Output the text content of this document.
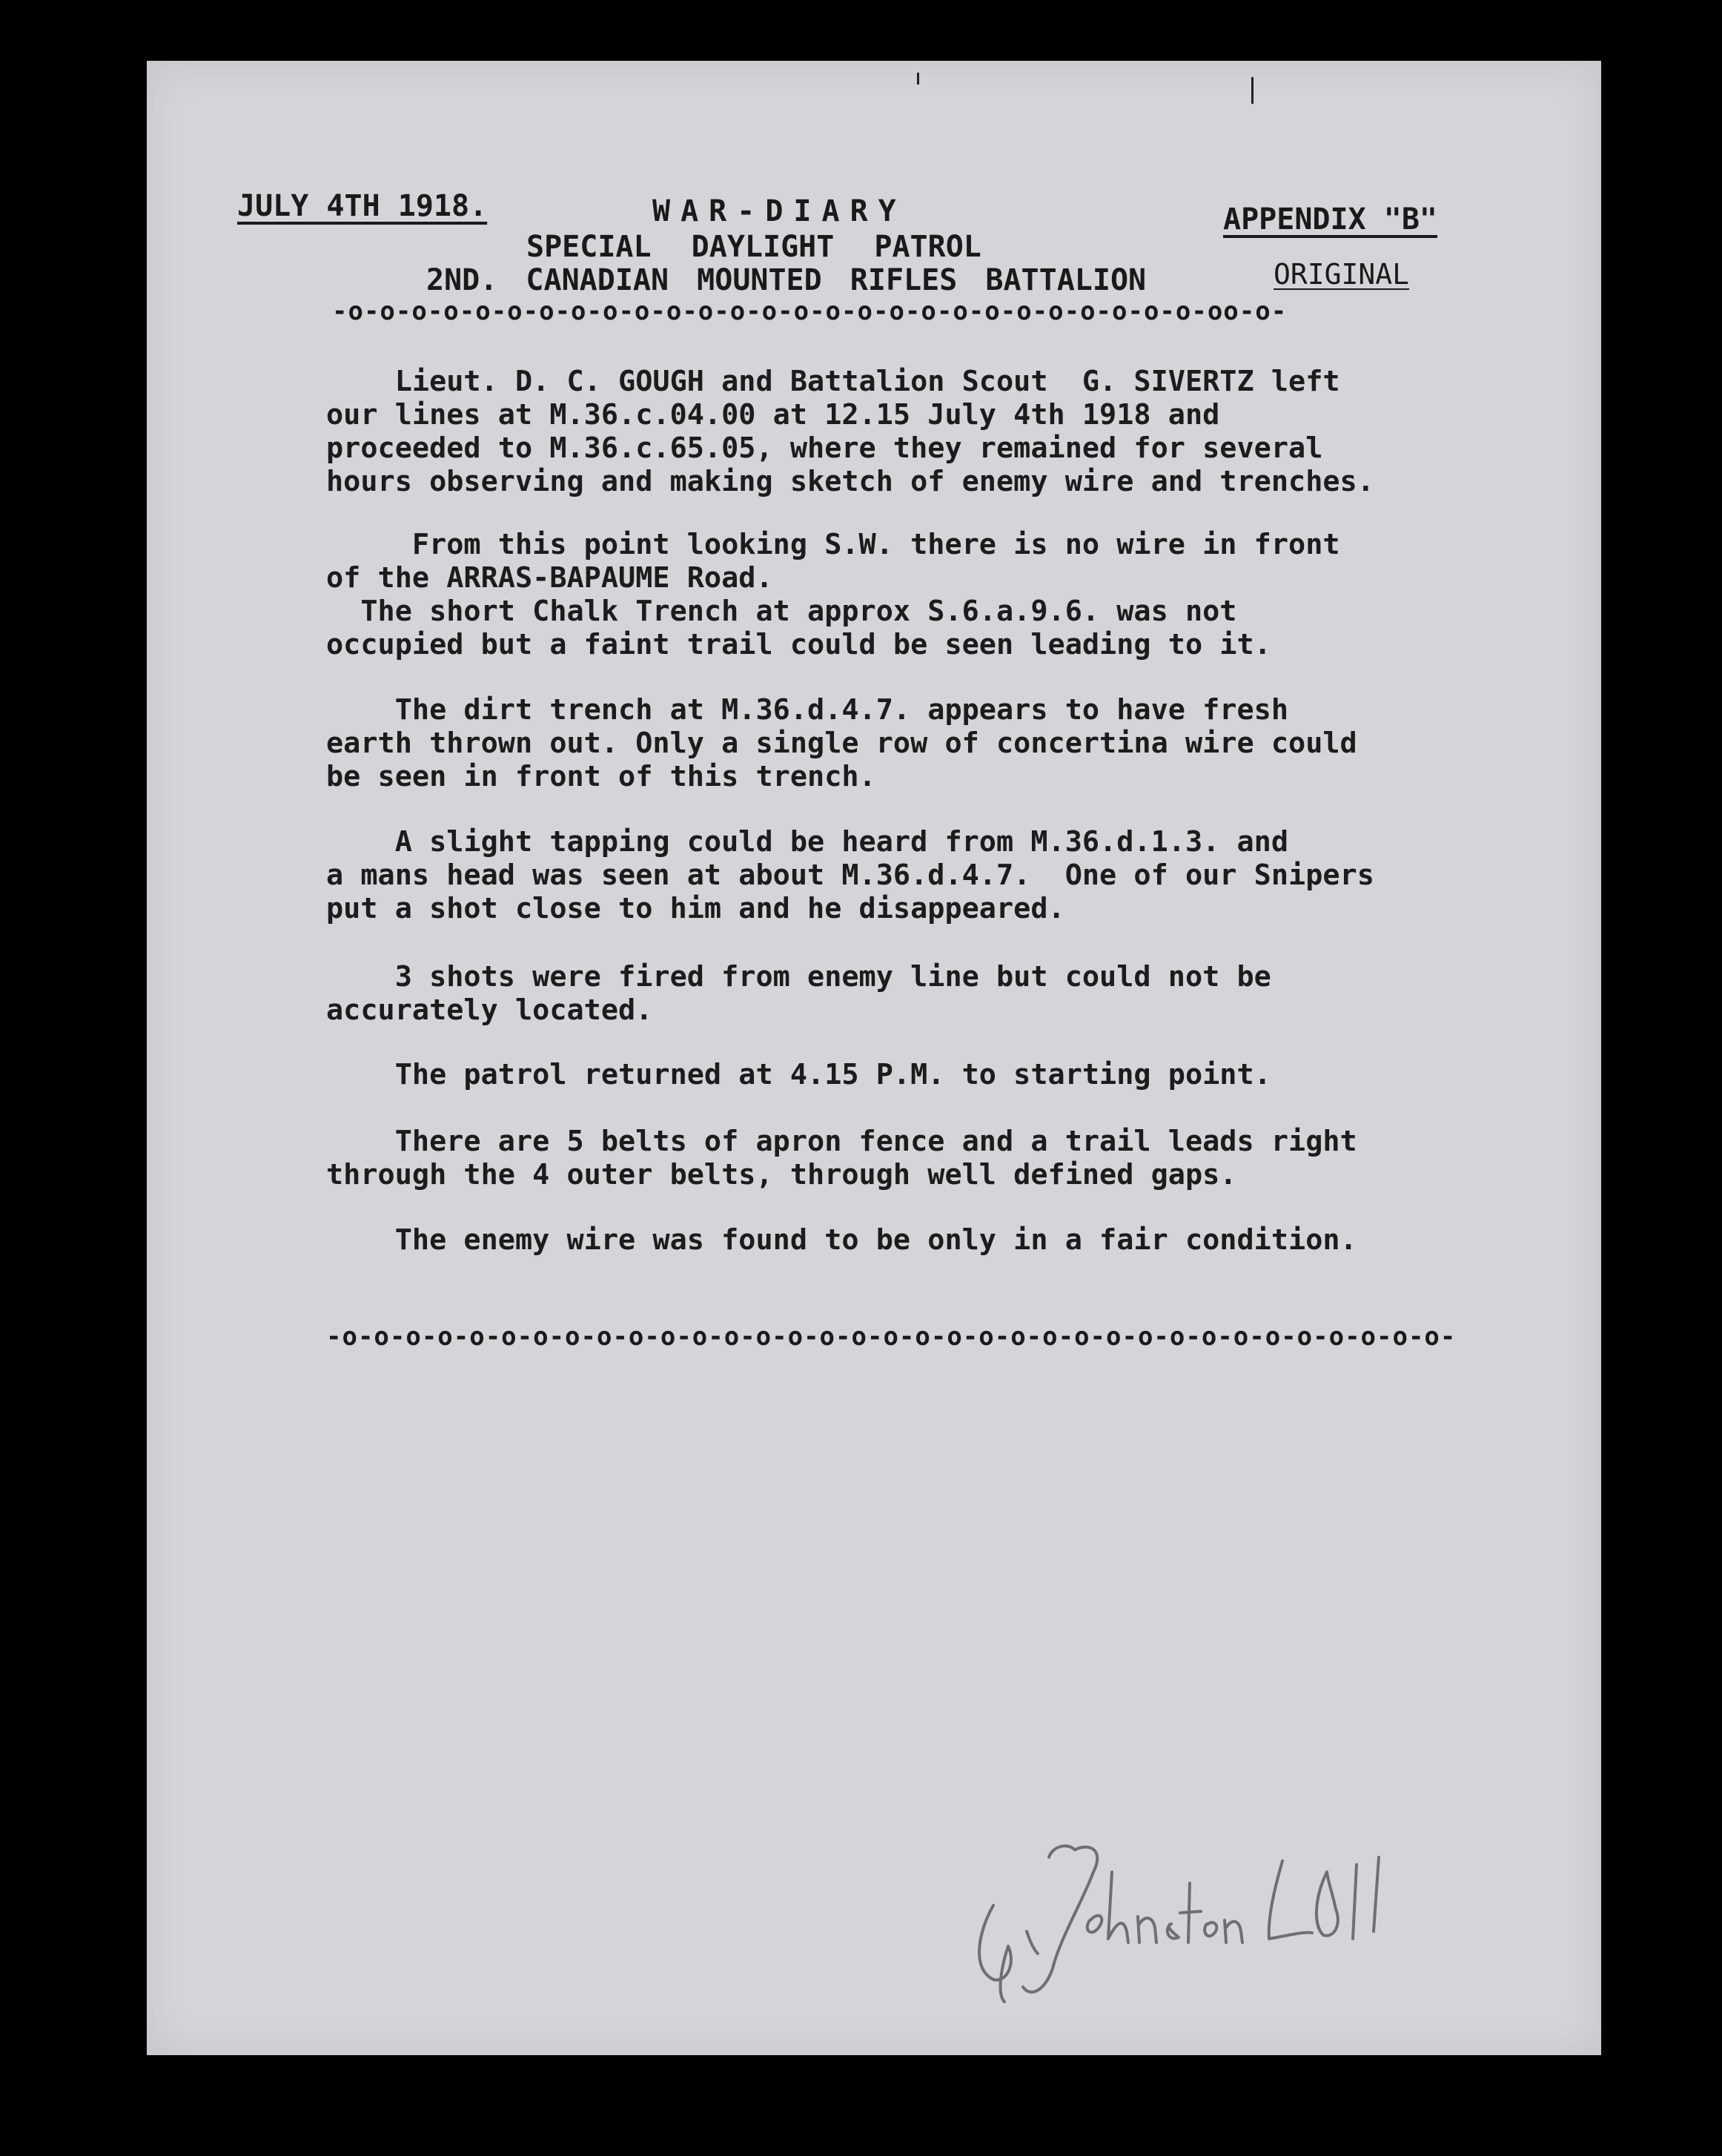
JULY 4TH 1918.	WAR-DIARY	APPENDIX "B"
SPECIAL DAYLIGHT PATROL
2ND. CANADIAN MOUNTED RIFLES BATTALION	ORIGINAL
-o-o-o-o-o-o-o-o-o-o-o-o-o-o-o-o-o-o-o-o-o-o-o-o-o-o-o-oo-o-
Lieut. D. C. GOUGH and Battalion Scout  G. SIVERTZ left
our lines at M.36.c.04.00 at 12.15 July 4th 1918 and
proceeded to M.36.c.65.05, where they remained for several
hours observing and making sketch of enemy wire and trenches.
From this point looking S.W. there is no wire in front
of the ARRAS-BAPAUME Road.
The short Chalk Trench at approx S.6.a.9.6. was not
occupied but a faint trail could be seen leading to it.
The dirt trench at M.36.d.4.7. appears to have fresh
earth thrown out. Only a single row of concertina wire could
be seen in front of this trench.
A slight tapping could be heard from M.36.d.1.3. and
a mans head was seen at about M.36.d.4.7.  One of our Snipers
put a shot close to him and he disappeared.
3 shots were fired from enemy line but could not be
accurately located.
The patrol returned at 4.15 P.M. to starting point.
There are 5 belts of apron fence and a trail leads right
through the 4 outer belts, through well defined gaps.
The enemy wire was found to be only in a fair condition.
-o-o-o-o-o-o-o-o-o-o-o-o-o-o-o-o-o-o-o-o-o-o-o-o-o-o-o-o-o-o-o-o-o-o-o-
